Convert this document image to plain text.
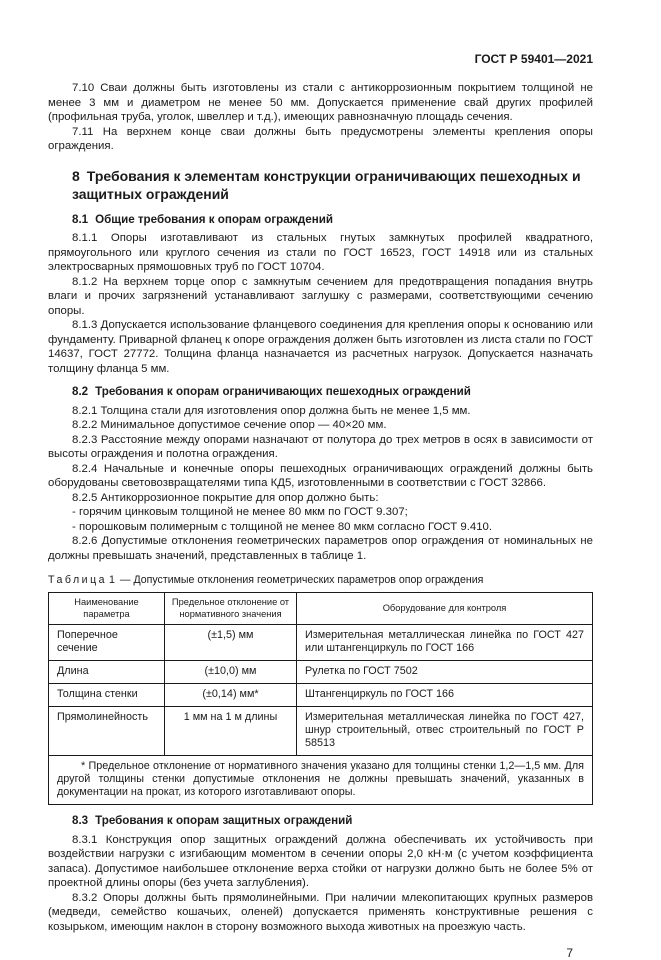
ГОСТ Р 59401—2021

7.10 Сваи должны быть изготовлены из стали с антикоррозионным покрытием толщиной не менее 3 мм и диаметром не менее 50 мм. Допускается применение свай других профилей (профильная труба, уголок, швеллер и т.д.), имеющих равнозначную площадь сечения.

7.11 На верхнем конце сваи должны быть предусмотрены элементы крепления опоры ограждения.

8 Требования к элементам конструкции ограничивающих пешеходных и защитных ограждений
8.1 Общие требования к опорам ограждений

8.1.1 Опоры изготавливают из стальных гнутых замкнутых профилей квадратного, прямоугольного или круглого сечения из стали по ГОСТ 16523, ГОСТ 14918 или из стальных электросварных прямошовных труб по ГОСТ 10704.

8.1.2 На верхнем торце опор с замкнутым сечением для предотвращения попадания внутрь влаги и прочих загрязнений устанавливают заглушку с размерами, соответствующими сечению опоры.

8.1.3 Допускается использование фланцевого соединения для крепления опоры к основанию или фундаменту. Приварной фланец к опоре ограждения должен быть изготовлен из листа стали по ГОСТ 14637, ГОСТ 27772. Толщина фланца назначается из расчетных нагрузок. Допускается назначать толщину фланца 5 мм.

8.2 Требования к опорам ограничивающих пешеходных ограждений

8.2.1 Толщина стали для изготовления опор должна быть не менее 1,5 мм.

8.2.2 Минимальное допустимое сечение опор — 40×20 мм.

8.2.3 Расстояние между опорами назначают от полутора до трех метров в осях в зависимости от высоты ограждения и полотна ограждения.

8.2.4 Начальные и конечные опоры пешеходных ограничивающих ограждений должны быть оборудованы световозвращателями типа КД5, изготовленными в соответствии с ГОСТ 32866.

8.2.5 Антикоррозионное покрытие для опор должно быть:

- горячим цинковым толщиной не менее 80 мкм по ГОСТ 9.307;

- порошковым полимерным с толщиной не менее 80 мкм согласно ГОСТ 9.410.

8.2.6 Допустимые отклонения геометрических параметров опор ограждения от номинальных не должны превышать значений, представленных в таблице 1.

Таблица 1 — Допустимые отклонения геометрических параметров опор ограждения
Наименование параметра	Предельное отклонение от нормативного значения	Оборудование для контроля
Поперечное сечение	(±1,5) мм	Измерительная металлическая линейка по ГОСТ 427 или штангенциркуль по ГОСТ 166
Длина	(±10,0) мм	Рулетка по ГОСТ 7502
Толщина стенки	(±0,14) мм*	Штангенциркуль по ГОСТ 166
Прямолинейность	1 мм на 1 м длины	Измерительная металлическая линейка по ГОСТ 427, шнур строительный, отвес строительный по ГОСТ Р 58513
* Предельное отклонение от нормативного значения указано для толщины стенки 1,2—1,5 мм. Для другой толщины стенки допустимые отклонения не должны превышать значений, указанных в документации на прокат, из которого изготавливают опоры.		
8.3 Требования к опорам защитных ограждений

8.3.1 Конструкция опор защитных ограждений должна обеспечивать их устойчивость при воздействии нагрузки с изгибающим моментом в сечении опоры 2,0 кН·м (с учетом коэффициента запаса). Допустимое наибольшее отклонение верха стойки от нагрузки должно быть не более 5% от проектной длины опоры (без учета заглубления).

8.3.2 Опоры должны быть прямолинейными. При наличии млекопитающих крупных размеров (медведи, семейство кошачьих, оленей) допускается применять конструктивные решения с козырьком, имеющим наклон в сторону возможного выхода животных на проезжую часть.

7
